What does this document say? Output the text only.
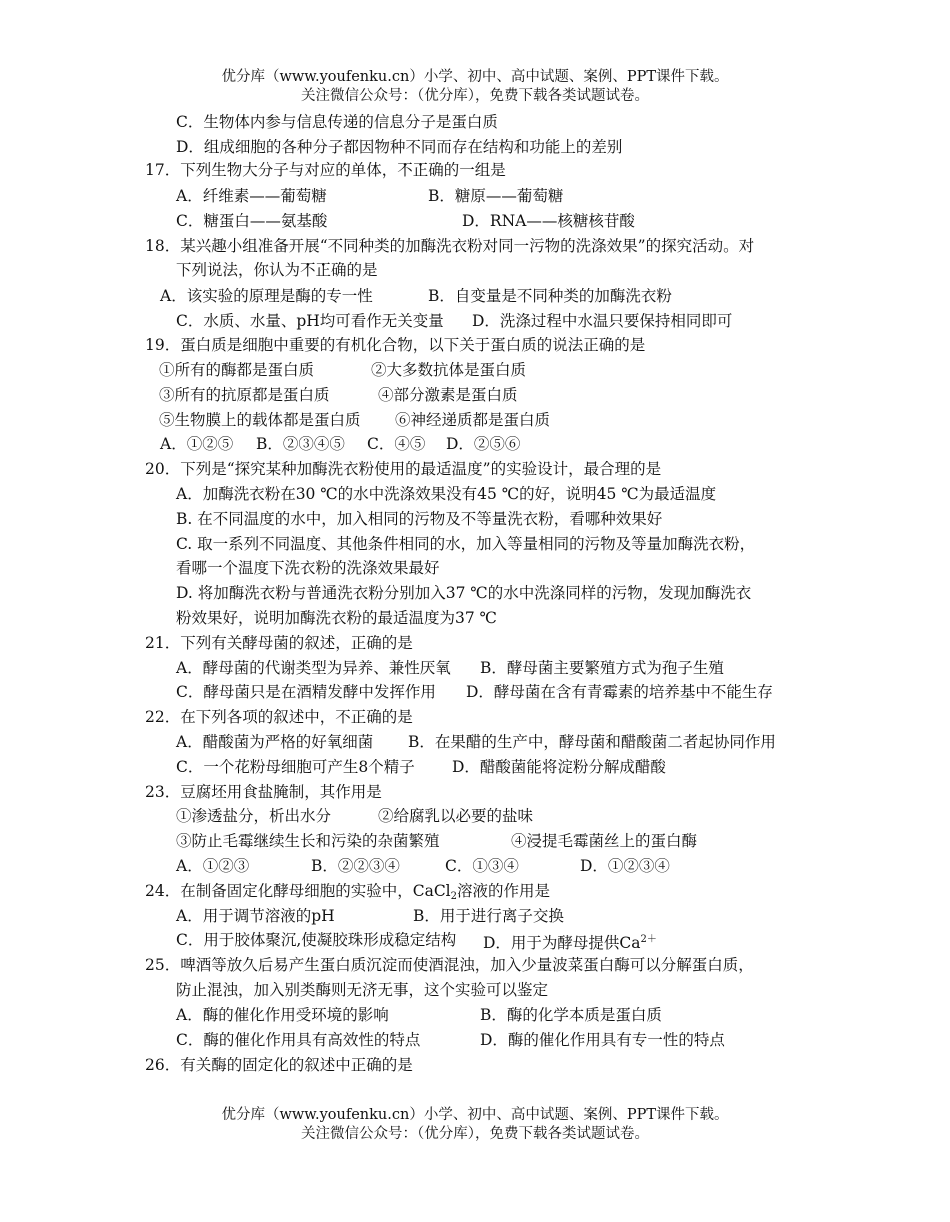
优分库（www.youfenku.cn）小学、初中、高中试题、案例、PPT课件下载。
关注微信公众号：（优分库），免费下载各类试题试卷。
C．生物体内参与信息传递的信息分子是蛋白质
D．组成细胞的各种分子都因物种不同而存在结构和功能上的差别
17．下列生物大分子与对应的单体，不 •正 •确的一组是
A．纤维素——葡萄糖	B．糖原——葡萄糖
C．糖蛋白——氨基酸	D．RNA——核糖核苷酸
18．某兴趣小组准备开展“不同种类的加酶洗衣粉对同一污物的洗涤效果”的探究活动。对
下列说法，你认为不 •正 •确的是
A．该实验的原理是酶的专一性	B．自变量是不同种类的加酶洗衣粉
C．水质、水量、pH均可看作无关变量 D．洗涤过程中水温只要保持相同即可
19．蛋白质是细胞中重要的有机化合物，以下关于蛋白质的说法正确的是
①所有的酶都是蛋白质	②大多数抗体是蛋白质
③所有的抗原都是蛋白质	④部分激素是蛋白质
⑤生物膜上的载体都是蛋白质 ⑥神经递质都是蛋白质
A．①②⑤ B．②③④⑤ C．④⑤ D．②⑤⑥
20．下列是“探究某种加酶洗衣粉使用的最适温度”的实验设计，最合理的是
A．加酶洗衣粉在30 ℃的水中洗涤效果没有45 ℃的好，说明45 ℃为最适温度
B. 在不同温度的水中，加入相同的污物及不等量洗衣粉，看哪种效果好
C. 取一系列不同温度、其他条件相同的水，加入等量相同的污物及等量加酶洗衣粉，
看哪一个温度下洗衣粉的洗涤效果最好
D. 将加酶洗衣粉与普通洗衣粉分别加入37 ℃的水中洗涤同样的污物，发现加酶洗衣
粉效果好，说明加酶洗衣粉的最适温度为37 ℃
21．下列有关酵母菌的叙述，正确的是
A．酵母菌的代谢类型为异养、兼性厌氧 B．酵母菌主要繁殖方式为孢子生殖
C．酵母菌只是在酒精发酵中发挥作用 D．酵母菌在含有青霉素的培养基中不能生存
22．在下列各项的叙述中，不正确的是
A．醋酸菌为严格的好氧细菌 B．在果醋的生产中，酵母菌和醋酸菌二者起协同作用
C．一个花粉母细胞可产生8个精子 D．醋酸菌能将淀粉分解成醋酸
23．豆腐坯用食盐腌制，其作用是
①渗透盐分，析出水分	②给腐乳以必要的盐味
③防止毛霉继续生长和污染的杂菌繁殖	④浸提毛霉菌丝上的蛋白酶
A．①②③	B．②②③④	C．①③④	D．①②③④
24．在制备固定化酵母细胞的实验中，CaCl$_2$溶液的作用是
A．用于调节溶液的pH	B．用于进行离子交换
C．用于胶体聚沉,使凝胶珠形成稳定结构 D．用于为酵母提供$Ca^{2+}$
25．啤酒等放久后易产生蛋白质沉淀而使酒混浊，加入少量波菜蛋白酶可以分解蛋白质，
防止混浊，加入别类酶则无济无事，这个实验可以鉴定
A．酶的催化作用受环境的影响	B．酶的化学本质是蛋白质
C．酶的催化作用具有高效性的特点	D．酶的催化作用具有专一性的特点
26．有关酶的固定化的叙述中正确的是
优分库（www.youfenku.cn）小学、初中、高中试题、案例、PPT课件下载。
关注微信公众号：（优分库），免费下载各类试题试卷。
